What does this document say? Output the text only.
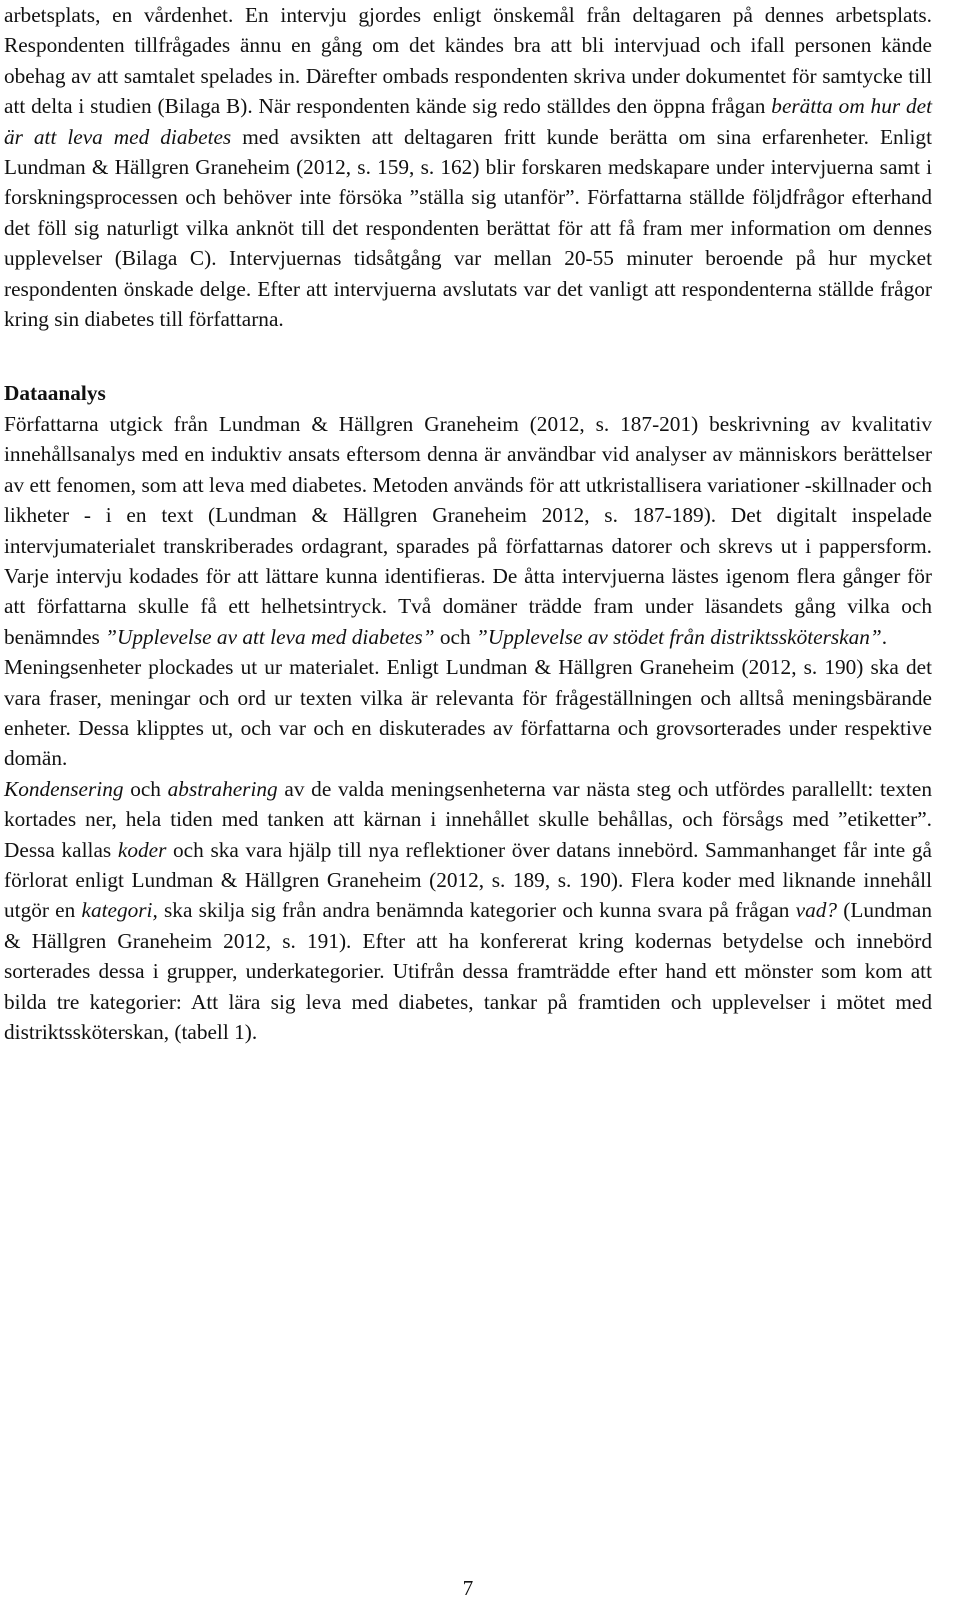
arbetsplats, en vårdenhet. En intervju gjordes enligt önskemål från deltagaren på dennes arbetsplats. Respondenten tillfrågades ännu en gång om det kändes bra att bli intervjuad och ifall personen kände obehag av att samtalet spelades in. Därefter ombads respondenten skriva under dokumentet för samtycke till att delta i studien (Bilaga B). När respondenten kände sig redo ställdes den öppna frågan berätta om hur det är att leva med diabetes med avsikten att deltagaren fritt kunde berätta om sina erfarenheter. Enligt Lundman & Hällgren Graneheim (2012, s. 159, s. 162) blir forskaren medskapare under intervjuerna samt i forskningsprocessen och behöver inte försöka ”ställa sig utanför”. Författarna ställde följdfrågor efterhand det föll sig naturligt vilka anknöt till det respondenten berättat för att få fram mer information om dennes upplevelser (Bilaga C). Intervjuernas tidsåtgång var mellan 20-55 minuter beroende på hur mycket respondenten önskade delge. Efter att intervjuerna avslutats var det vanligt att respondenterna ställde frågor kring sin diabetes till författarna.

Dataanalys

Författarna utgick från Lundman & Hällgren Graneheim (2012, s. 187-201) beskrivning av kvalitativ innehållsanalys med en induktiv ansats eftersom denna är användbar vid analyser av människors berättelser av ett fenomen, som att leva med diabetes. Metoden används för att utkristallisera variationer -skillnader och likheter - i en text (Lundman & Hällgren Graneheim 2012, s. 187-189). Det digitalt inspelade intervjumaterialet transkriberades ordagrant, sparades på författarnas datorer och skrevs ut i pappersform. Varje intervju kodades för att lättare kunna identifieras. De åtta intervjuerna lästes igenom flera gånger för att författarna skulle få ett helhetsintryck. Två domäner trädde fram under läsandets gång vilka och benämndes ”Upplevelse av att leva med diabetes” och ”Upplevelse av stödet från distriktssköterskan”.

Meningsenheter plockades ut ur materialet. Enligt Lundman & Hällgren Graneheim (2012, s. 190) ska det vara fraser, meningar och ord ur texten vilka är relevanta för frågeställningen och alltså meningsbärande enheter. Dessa klipptes ut, och var och en diskuterades av författarna och grovsorterades under respektive domän.

Kondensering och abstrahering av de valda meningsenheterna var nästa steg och utfördes parallellt: texten kortades ner, hela tiden med tanken att kärnan i innehållet skulle behållas, och försågs med ”etiketter”. Dessa kallas koder och ska vara hjälp till nya reflektioner över datans innebörd. Sammanhanget får inte gå förlorat enligt Lundman & Hällgren Graneheim (2012, s. 189, s. 190). Flera koder med liknande innehåll utgör en kategori, ska skilja sig från andra benämnda kategorier och kunna svara på frågan vad? (Lundman & Hällgren Graneheim 2012, s. 191). Efter att ha konfererat kring kodernas betydelse och innebörd sorterades dessa i grupper, underkategorier. Utifrån dessa framträdde efter hand ett mönster som kom att bilda tre kategorier: Att lära sig leva med diabetes, tankar på framtiden och upplevelser i mötet med distriktssköterskan, (tabell 1).

7
